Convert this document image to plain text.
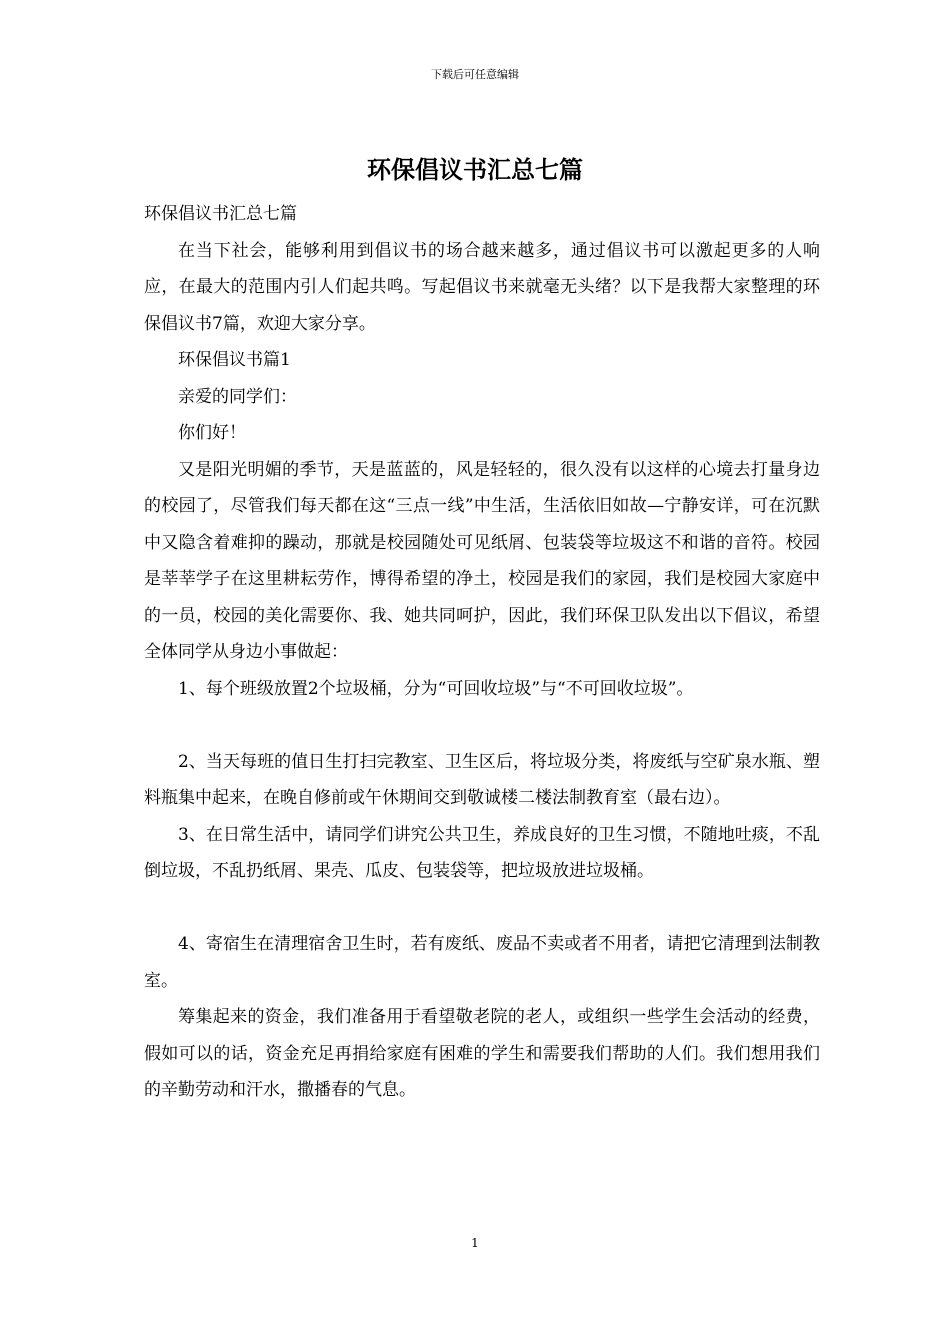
下载后可任意编辑
环保倡议书汇总七篇

环保倡议书汇总七篇

在当下社会，能够利用到倡议书的场合越来越多，通过倡议书可以激起更多的人响应，在最大的范围内引人们起共鸣。写起倡议书来就毫无头绪？以下是我帮大家整理的环保倡议书7篇，欢迎大家分享。

环保倡议书篇1

亲爱的同学们：

你们好！

又是阳光明媚的季节，天是蓝蓝的，风是轻轻的，很久没有以这样的心境去打量身边的校园了，尽管我们每天都在这“三点一线”中生活，生活依旧如故—宁静安详，可在沉默中又隐含着难抑的躁动，那就是校园随处可见纸屑、包装袋等垃圾这不和谐的音符。校园是莘莘学子在这里耕耘劳作，博得希望的净土，校园是我们的家园，我们是校园大家庭中的一员，校园的美化需要你、我、她共同呵护，因此，我们环保卫队发出以下倡议，希望全体同学从身边小事做起：

1、每个班级放置2个垃圾桶，分为“可回收垃圾”与“不可回收垃圾”。

2、当天每班的值日生打扫完教室、卫生区后，将垃圾分类，将废纸与空矿泉水瓶、塑料瓶集中起来，在晚自修前或午休期间交到敬诚楼二楼法制教育室（最右边）。

3、在日常生活中，请同学们讲究公共卫生，养成良好的卫生习惯，不随地吐痰，不乱倒垃圾，不乱扔纸屑、果壳、瓜皮、包装袋等，把垃圾放进垃圾桶。

4、寄宿生在清理宿舍卫生时，若有废纸、废品不卖或者不用者，请把它清理到法制教室。

筹集起来的资金，我们准备用于看望敬老院的老人，或组织一些学生会活动的经费，假如可以的话，资金充足再捐给家庭有困难的学生和需要我们帮助的人们。我们想用我们的辛勤劳动和汗水，撒播春的气息。

1
